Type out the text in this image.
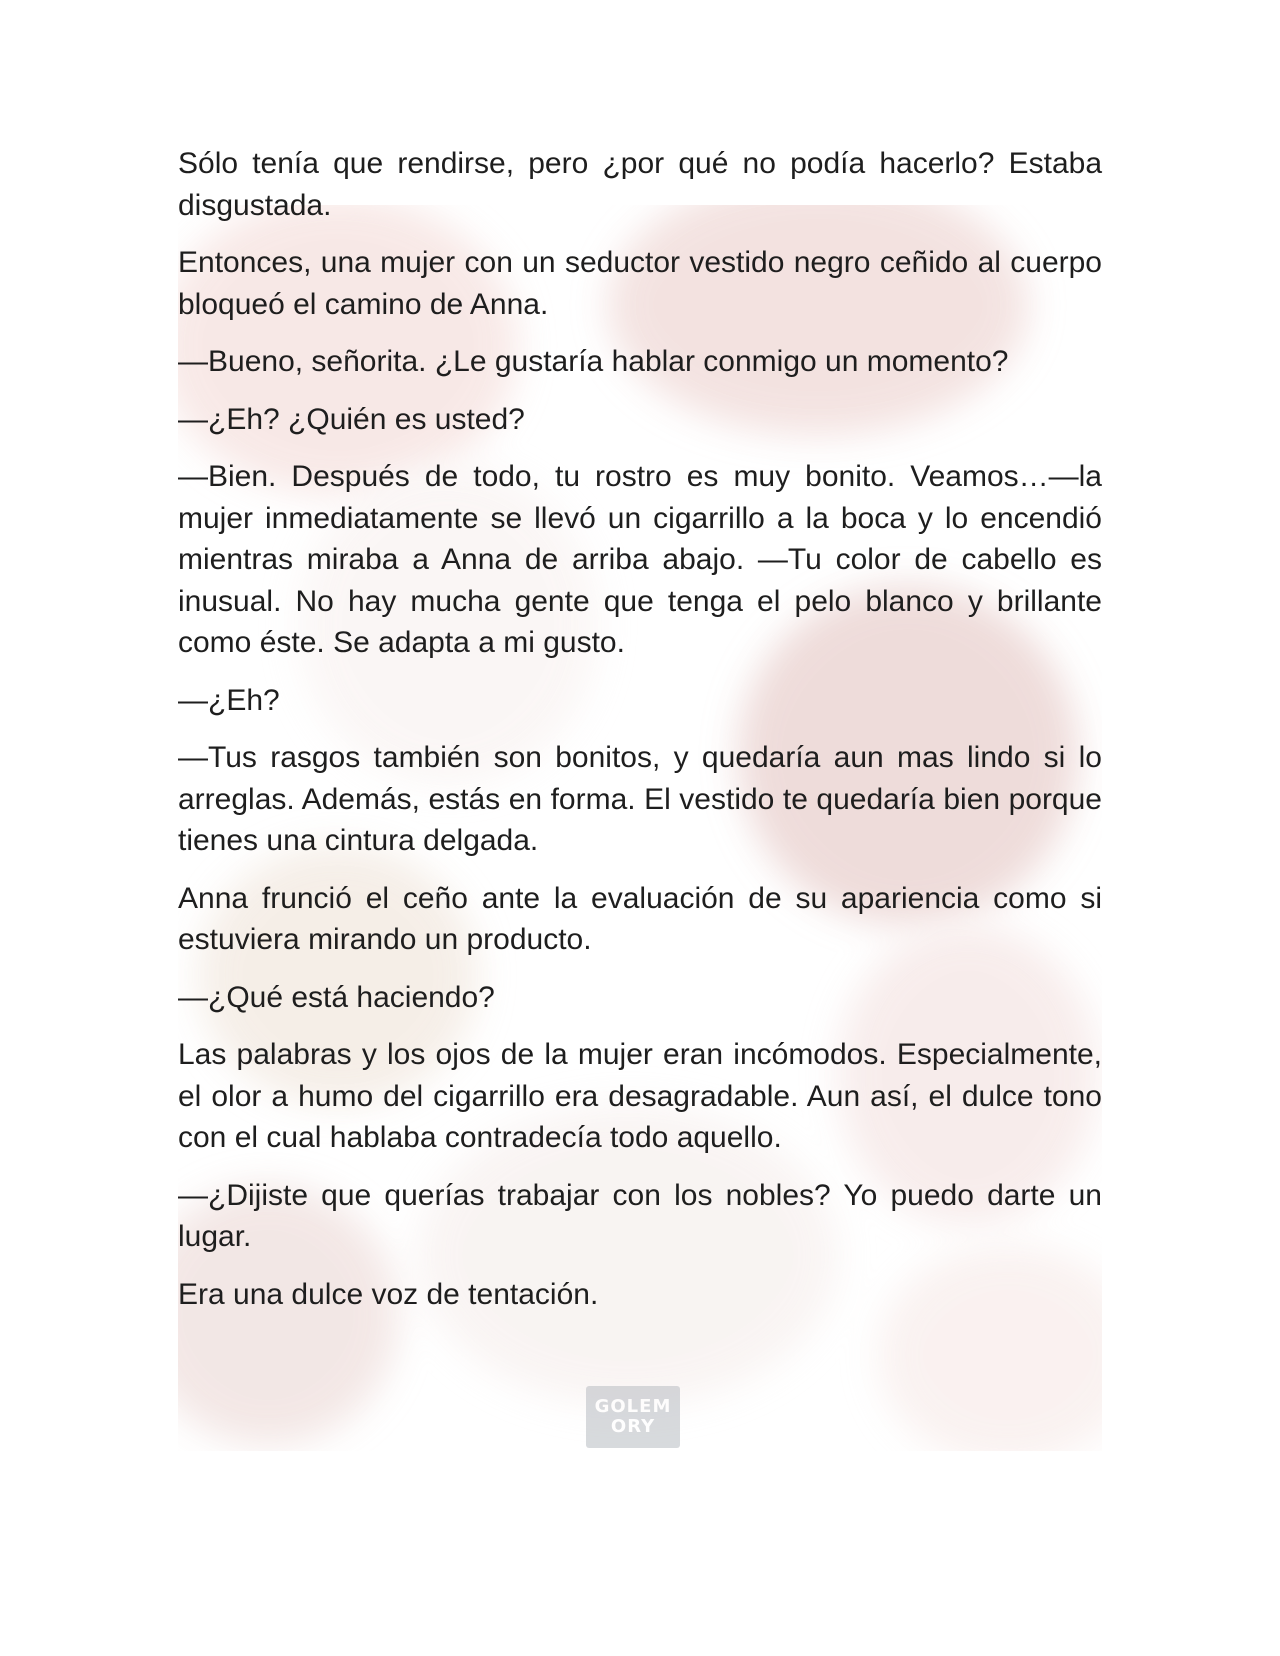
GOLEM
ORY

Sólo tenía que rendirse, pero ¿por qué no podía hacerlo? Estaba disgustada.

Entonces, una mujer con un seductor vestido negro ceñido al cuerpo bloqueó el camino de Anna.

—Bueno, señorita. ¿Le gustaría hablar conmigo un momento?

—¿Eh? ¿Quién es usted?

—Bien. Después de todo, tu rostro es muy bonito. Veamos…—la mujer inmediatamente se llevó un cigarrillo a la boca y lo encendió mientras miraba a Anna de arriba abajo. —Tu color de cabello es inusual. No hay mucha gente que tenga el pelo blanco y brillante como éste. Se adapta a mi gusto.

—¿Eh?

—Tus rasgos también son bonitos, y quedaría aun mas lindo si lo arreglas. Además, estás en forma. El vestido te quedaría bien porque tienes una cintura delgada.

Anna frunció el ceño ante la evaluación de su apariencia como si estuviera mirando un producto.

—¿Qué está haciendo?

Las palabras y los ojos de la mujer eran incómodos. Especialmente, el olor a humo del cigarrillo era desagradable. Aun así, el dulce tono con el cual hablaba contradecía todo aquello.

—¿Dijiste que querías trabajar con los nobles? Yo puedo darte un lugar.

Era una dulce voz de tentación.
